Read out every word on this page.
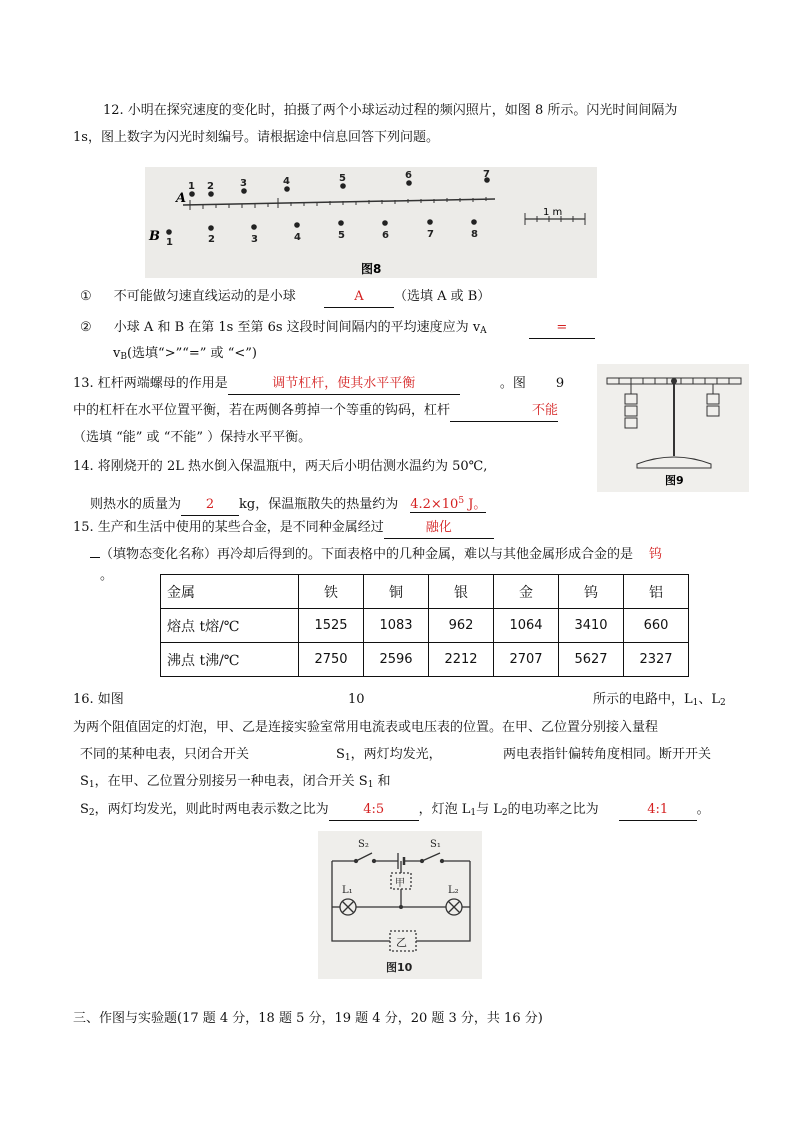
12. 小明在探究速度的变化时，拍摄了两个小球运动过程的频闪照片，如图 8 所示。闪光时间间隔为
1s，图上数字为闪光时刻编号。请根据途中信息回答下列问题。
1 m
A
B
1 2	3	4	5	6	7
1	2	3	4	5	6	7	8
图8
① 不可能做匀速直线运动的是小球	A （选填 A 或 B）
② 小球 A 和 B 在第 1s 至第 6s 这段时间间隔内的平均速度应为 $v_A$	=
$v_B$(选填“>”“=” 或 “<”)
13. 杠杆两端螺母的作用是	调节杠杆，使其水平平衡	。图 9
中的杠杆在水平位置平衡，若在两侧各剪掉一个等重的钩码，杠杆	不能
（选填 “能” 或 “不能” ）保持水平平衡。
图9
14. 将刚烧开的 2L 热水倒入保温瓶中，两天后小明估测水温约为 50℃,
则热水的质量为 2 kg，保温瓶散失的热量约为 $4.2\times 10^5$ J。
15. 生产和生活中使用的某些合金，是不同种金属经过	融化
（填物态变化名称）再冷却后得到的。下面表格中的几种金属，难以与其他金属形成合金的是 钨
。
金属	铁	铜	银	金	钨	铝
熔点 t熔/℃	1525	1083	962	1064	3410	660
沸点 t沸/℃	2750	2596	2212	2707	5627	2327
16. 如图	10	所示的电路中，$L_1$、$L_2$
为两个阻值固定的灯泡，甲、乙是连接实验室常用电流表或电压表的位置。在甲、乙位置分别接入量程
不同的某种电表，只闭合开关	$S_1$，两灯均发光，	两电表指针偏转角度相同。断开开关
$S_1$，在甲、乙位置分别接另一种电表，闭合开关 $S_1$ 和
$S_2$，两灯均发光，则此时两电表示数之比为	4:5	，灯泡 $L_1$与 $L_2$的电功率之比为	4:1 。
S₂	S₁
甲
乙
L₁	L₂
图10
三、作图与实验题(17 题 4 分，18 题 5 分，19 题 4 分，20 题 3 分，共 16 分)
